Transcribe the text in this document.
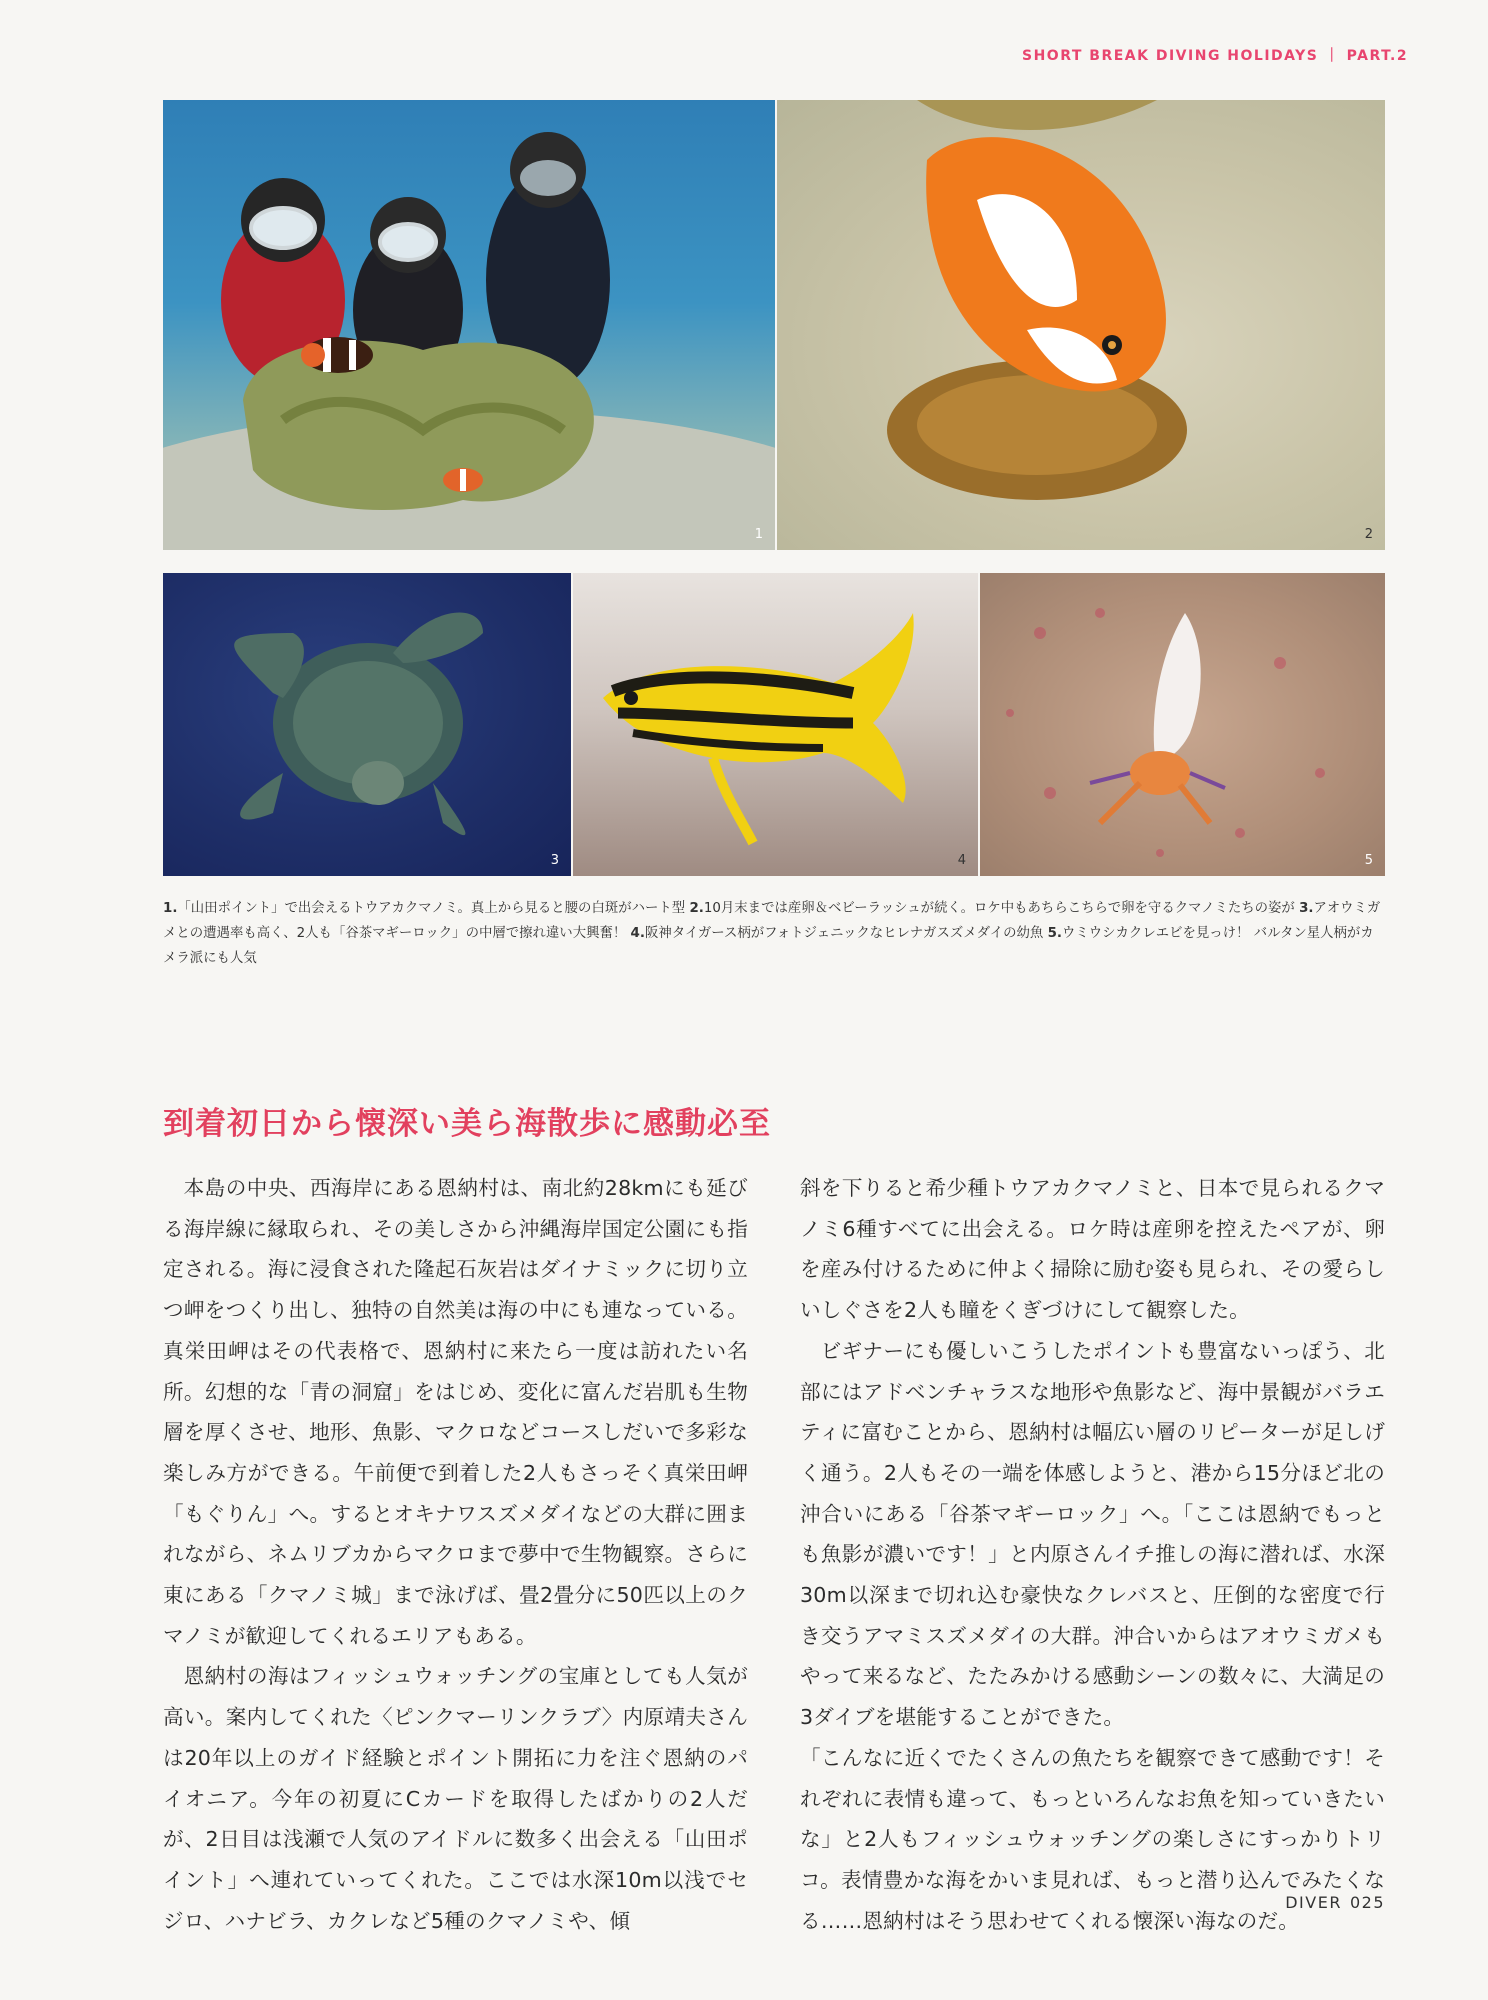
SHORT BREAK DIVING HOLIDAYS ｜ PART.2
1	2
3	4	5
1.「山田ポイント」で出会えるトウアカクマノミ。真上から見ると腰の白斑がハート型 2.10月末までは産卵＆ベビーラッシュが続く。ロケ中もあちらこちらで卵を守るクマノミたちの姿が 3.アオウミガメとの遭遇率も高く、2人も「谷茶マギーロック」の中層で擦れ違い大興奮！ 4.阪神タイガース柄がフォトジェニックなヒレナガスズメダイの幼魚 5.ウミウシカクレエビを見っけ！ バルタン星人柄がカメラ派にも人気
到着初日から懐深い美ら海散歩に感動必至

本島の中央、西海岸にある恩納村は、南北約28kmにも延びる海岸線に縁取られ、その美しさから沖縄海岸国定公園にも指定される。海に浸食された隆起石灰岩はダイナミックに切り立つ岬をつくり出し、独特の自然美は海の中にも連なっている。真栄田岬はその代表格で、恩納村に来たら一度は訪れたい名所。幻想的な「青の洞窟」をはじめ、変化に富んだ岩肌も生物層を厚くさせ、地形、魚影、マクロなどコースしだいで多彩な楽しみ方ができる。午前便で到着した2人もさっそく真栄田岬「もぐりん」へ。するとオキナワスズメダイなどの大群に囲まれながら、ネムリブカからマクロまで夢中で生物観察。さらに東にある「クマノミ城」まで泳げば、畳2畳分に50匹以上のクマノミが歓迎してくれるエリアもある。

恩納村の海はフィッシュウォッチングの宝庫としても人気が高い。案内してくれた〈ピンクマーリンクラブ〉内原靖夫さんは20年以上のガイド経験とポイント開拓に力を注ぐ恩納のパイオニア。今年の初夏にCカードを取得したばかりの2人だが、2日目は浅瀬で人気のアイドルに数多く出会える「山田ポイント」へ連れていってくれた。ここでは水深10m以浅でセジロ、ハナビラ、カクレなど5種のクマノミや、傾

斜を下りると希少種トウアカクマノミと、日本で見られるクマノミ6種すべてに出会える。ロケ時は産卵を控えたペアが、卵を産み付けるために仲よく掃除に励む姿も見られ、その愛らしいしぐさを2人も瞳をくぎづけにして観察した。

ビギナーにも優しいこうしたポイントも豊富ないっぽう、北部にはアドベンチャラスな地形や魚影など、海中景観がバラエティに富むことから、恩納村は幅広い層のリピーターが足しげく通う。2人もその一端を体感しようと、港から15分ほど北の沖合いにある「谷茶マギーロック」へ。「ここは恩納でもっとも魚影が濃いです！」と内原さんイチ推しの海に潜れば、水深30m以深まで切れ込む豪快なクレバスと、圧倒的な密度で行き交うアマミスズメダイの大群。沖合いからはアオウミガメもやって来るなど、たたみかける感動シーンの数々に、大満足の3ダイブを堪能することができた。

「こんなに近くでたくさんの魚たちを観察できて感動です！それぞれに表情も違って、もっといろんなお魚を知っていきたいな」と2人もフィッシュウォッチングの楽しさにすっかりトリコ。表情豊かな海をかいま見れば、もっと潜り込んでみたくなる……恩納村はそう思わせてくれる懐深い海なのだ。

DIVER 025
